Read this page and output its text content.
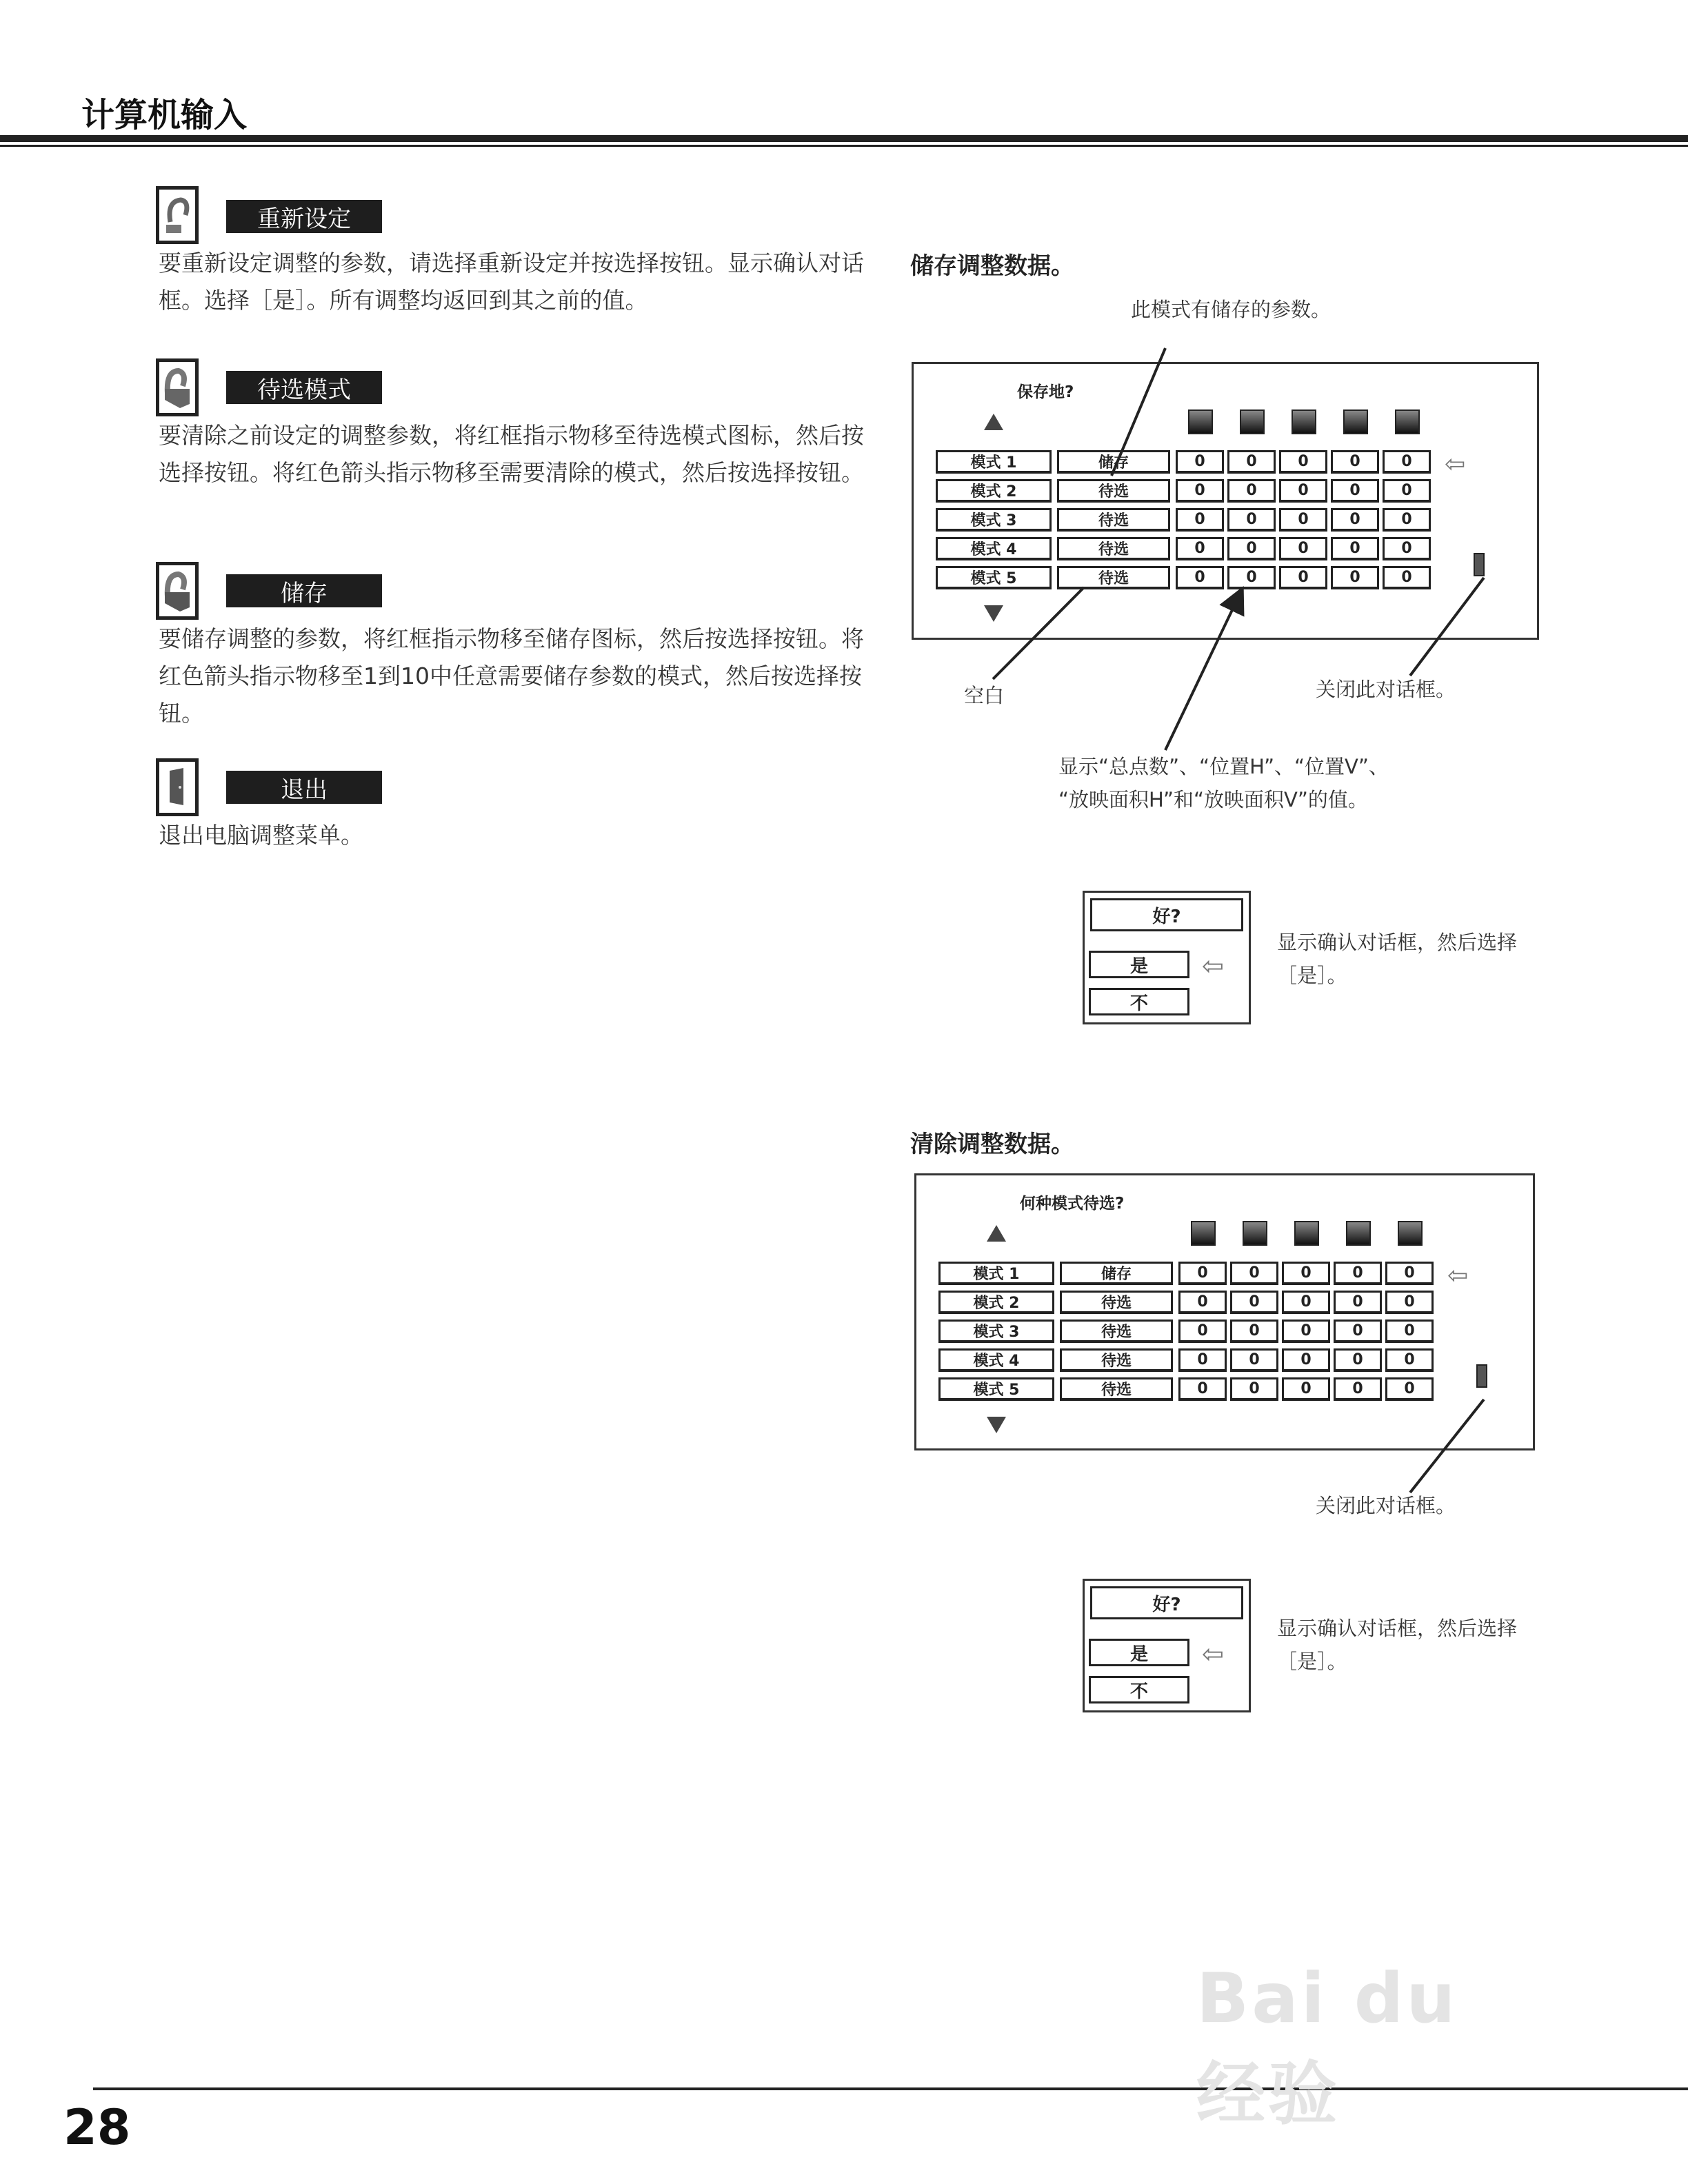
计算机输入
重新设定
要重新设定调整的参数，请选择重新设定并按选择按钮。显示确认对话框。选择［是］。所有调整均返回到其之前的值。
待选模式
要清除之前设定的调整参数，将红框指示物移至待选模式图标，然后按选择按钮。将红色箭头指示物移至需要清除的模式，然后按选择按钮。
储存
要储存调整的参数，将红框指示物移至储存图标，然后按选择按钮。将红色箭头指示物移至1到10中任意需要储存参数的模式，然后按选择按钮。
退出
退出电脑调整菜单。
储存调整数据。
此模式有储存的参数。
保存地?
模式 1	储存	0	0	0	0	0
模式 2	待选	0	0	0	0	0
模式 3	待选	0	0	0	0	0
模式 4	待选	0	0	0	0	0
模式 5	待选	0	0	0	0	0
⇦
空白	关闭此对话框。
显示“总点数”、“位置H”、“位置V”、
“放映面积H”和“放映面积V”的值。
好?
是
不
⇦
显示确认对话框，然后选择
［是］。
清除调整数据。
何种模式待选?
模式 1	储存	0	0	0	0	0
模式 2	待选	0	0	0	0	0
模式 3	待选	0	0	0	0	0
模式 4	待选	0	0	0	0	0
模式 5	待选	0	0	0	0	0
⇦
关闭此对话框。
好?
是
不
⇦
显示确认对话框，然后选择
［是］。
28
Bai du 经验
